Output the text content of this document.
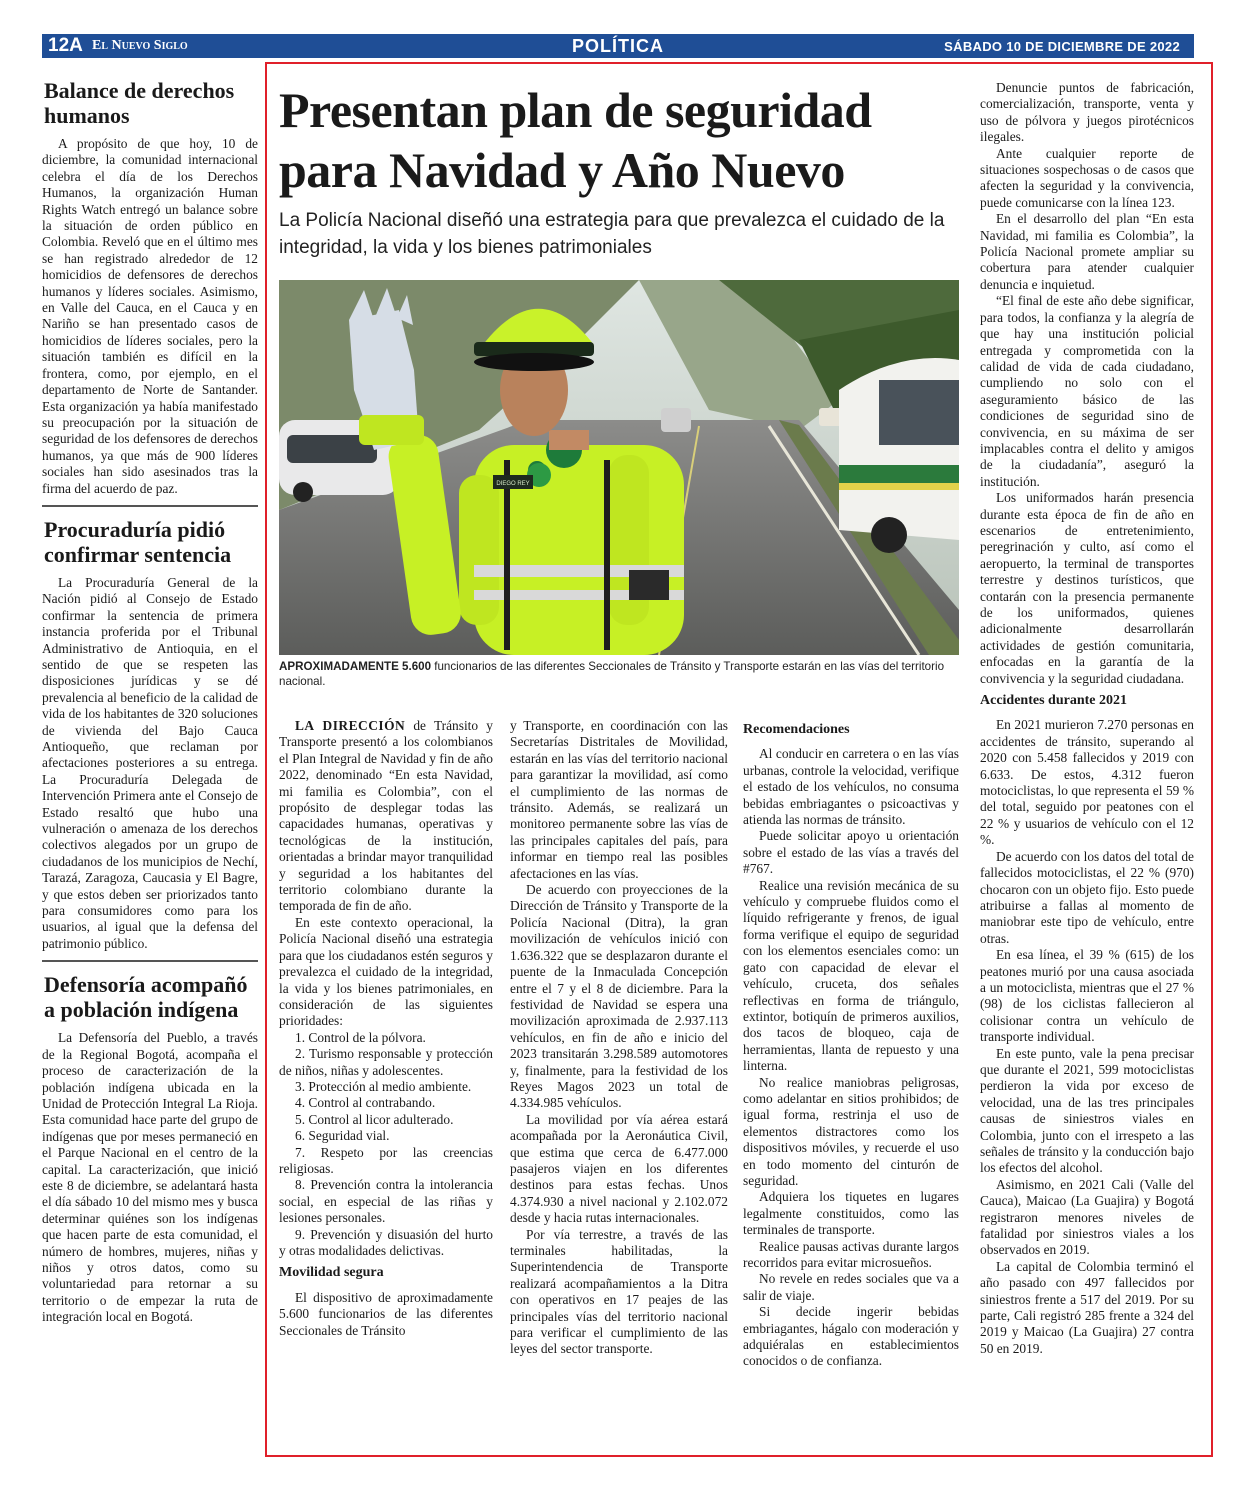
12A El Nuevo Siglo	POLÍTICA	SÁBADO 10 DE DICIEMBRE DE 2022
Balance de derechos humanos
A propósito de que hoy, 10 de diciembre, la comunidad internacional celebra el día de los Derechos Humanos, la organización Human Rights Watch entregó un balance sobre la situación de orden público en Colombia. Reveló que en el último mes se han registrado alrededor de 12 homicidios de defensores de derechos humanos y líderes sociales. Asimismo, en Valle del Cauca, en el Cauca y en Nariño se han presentado casos de homicidios de líderes sociales, pero la situación también es difícil en la frontera, como, por ejemplo, en el departamento de Norte de Santander. Esta organización ya había manifestado su preocupación por la situación de seguridad de los defensores de derechos humanos, ya que más de 900 líderes sociales han sido asesinados tras la firma del acuerdo de paz.
Procuraduría pidió confirmar sentencia
La Procuraduría General de la Nación pidió al Consejo de Estado confirmar la sentencia de primera instancia proferida por el Tribunal Administrativo de Antioquia, en el sentido de que se respeten las disposiciones jurídicas y se dé prevalencia al beneficio de la calidad de vida de los habitantes de 320 soluciones de vivienda del Bajo Cauca Antioqueño, que reclaman por afectaciones posteriores a su entrega. La Procuraduría Delegada de Intervención Primera ante el Consejo de Estado resaltó que hubo una vulneración o amenaza de los derechos colectivos alegados por un grupo de ciudadanos de los municipios de Nechí, Tarazá, Zaragoza, Caucasia y El Bagre, y que estos deben ser priorizados tanto para consumidores como para los usuarios, al igual que la defensa del patrimonio público.
Defensoría acompañó a población indígena
La Defensoría del Pueblo, a través de la Regional Bogotá, acompaña el proceso de caracterización de la población indígena ubicada en la Unidad de Protección Integral La Rioja. Esta comunidad hace parte del grupo de indígenas que por meses permaneció en el Parque Nacional en el centro de la capital. La caracterización, que inició este 8 de diciembre, se adelantará hasta el día sábado 10 del mismo mes y busca determinar quiénes son los indígenas que hacen parte de esta comunidad, el número de hombres, mujeres, niñas y niños y otros datos, como su voluntariedad para retornar a su territorio o de empezar la ruta de integración local en Bogotá.
Presentan plan de seguridad para Navidad y Año Nuevo
La Policía Nacional diseñó una estrategia para que prevalezca el cuidado de la integridad, la vida y los bienes patrimoniales
DIEGO REY
APROXIMADAMENTE 5.600 funcionarios de las diferentes Seccionales de Tránsito y Transporte estarán en las vías del territorio nacional.

LA DIRECCIÓN de Tránsito y Transporte presentó a los colombianos el Plan Integral de Navidad y fin de año 2022, denominado “En esta Navidad, mi familia es Colombia”, con el propósito de desplegar todas las capacidades humanas, operativas y tecnológicas de la institución, orientadas a brindar mayor tranquilidad y seguridad a los habitantes del territorio colombiano durante la temporada de fin de año.

En este contexto operacional, la Policía Nacional diseñó una estrategia para que los ciudadanos estén seguros y prevalezca el cuidado de la integridad, la vida y los bienes patrimoniales, en consideración de las siguientes prioridades:

1. Control de la pólvora.

2. Turismo responsable y protección de niños, niñas y adolescentes.

3. Protección al medio ambiente.

4. Control al contrabando.

5. Control al licor adulterado.

6. Seguridad vial.

7. Respeto por las creencias religiosas.

8. Prevención contra la intolerancia social, en especial de las riñas y lesiones personales.

9. Prevención y disuasión del hurto y otras modalidades delictivas.

Movilidad segura

El dispositivo de aproximadamente 5.600 funcionarios de las diferentes Seccionales de Tránsito

y Transporte, en coordinación con las Secretarías Distritales de Movilidad, estarán en las vías del territorio nacional para garantizar la movilidad, así como el cumplimiento de las normas de tránsito. Además, se realizará un monitoreo permanente sobre las vías de las principales capitales del país, para informar en tiempo real las posibles afectaciones en las vías.

De acuerdo con proyecciones de la Dirección de Tránsito y Transporte de la Policía Nacional (Ditra), la gran movilización de vehículos inició con 1.636.322 que se desplazaron durante el puente de la Inmaculada Concepción entre el 7 y el 8 de diciembre. Para la festividad de Navidad se espera una movilización aproximada de 2.937.113 vehículos, en fin de año e inicio del 2023 transitarán 3.298.589 automotores y, finalmente, para la festividad de los Reyes Magos 2023 un total de 4.334.985 vehículos.

La movilidad por vía aérea estará acompañada por la Aeronáutica Civil, que estima que cerca de 6.477.000 pasajeros viajen en los diferentes destinos para estas fechas. Unos 4.374.930 a nivel nacional y 2.102.072 desde y hacia rutas internacionales.

Por vía terrestre, a través de las terminales habilitadas, la Superintendencia de Transporte realizará acompañamientos a la Ditra con operativos en 17 peajes de las principales vías del territorio nacional para verificar el cumplimiento de las leyes del sector transporte.

Recomendaciones

Al conducir en carretera o en las vías urbanas, controle la velocidad, verifique el estado de los vehículos, no consuma bebidas embriagantes o psicoactivas y atienda las normas de tránsito.

Puede solicitar apoyo u orientación sobre el estado de las vías a través del #767.

Realice una revisión mecánica de su vehículo y compruebe fluidos como el líquido refrigerante y frenos, de igual forma verifique el equipo de seguridad con los elementos esenciales como: un gato con capacidad de elevar el vehículo, cruceta, dos señales reflectivas en forma de triángulo, extintor, botiquín de primeros auxilios, dos tacos de bloqueo, caja de herramientas, llanta de repuesto y una linterna.

No realice maniobras peligrosas, como adelantar en sitios prohibidos; de igual forma, restrinja el uso de elementos distractores como los dispositivos móviles, y recuerde el uso en todo momento del cinturón de seguridad.

Adquiera los tiquetes en lugares legalmente constituidos, como las terminales de transporte.

Realice pausas activas durante largos recorridos para evitar microsueños.

No revele en redes sociales que va a salir de viaje.

Si decide ingerir bebidas embriagantes, hágalo con moderación y adquiéralas en establecimientos conocidos o de confianza.

Denuncie puntos de fabricación, comercialización, transporte, venta y uso de pólvora y juegos pirotécnicos ilegales.

Ante cualquier reporte de situaciones sospechosas o de casos que afecten la seguridad y la convivencia, puede comunicarse con la línea 123.

En el desarrollo del plan “En esta Navidad, mi familia es Colombia”, la Policía Nacional promete ampliar su cobertura para atender cualquier denuncia e inquietud.

“El final de este año debe significar, para todos, la confianza y la alegría de que hay una institución policial entregada y comprometida con la calidad de vida de cada ciudadano, cumpliendo no solo con el aseguramiento básico de las condiciones de seguridad sino de convivencia, en su máxima de ser implacables contra el delito y amigos de la ciudadanía”, aseguró la institución.

Los uniformados harán presencia durante esta época de fin de año en escenarios de entretenimiento, peregrinación y culto, así como el aeropuerto, la terminal de transportes terrestre y destinos turísticos, que contarán con la presencia permanente de los uniformados, quienes adicionalmente desarrollarán actividades de gestión comunitaria, enfocadas en la garantía de la convivencia y la seguridad ciudadana.

Accidentes durante 2021

En 2021 murieron 7.270 personas en accidentes de tránsito, superando al 2020 con 5.458 fallecidos y 2019 con 6.633. De estos, 4.312 fueron motociclistas, lo que representa el 59 % del total, seguido por peatones con el 22 % y usuarios de vehículo con el 12 %.

De acuerdo con los datos del total de fallecidos motociclistas, el 22 % (970) chocaron con un objeto fijo. Esto puede atribuirse a fallas al momento de maniobrar este tipo de vehículo, entre otras.

En esa línea, el 39 % (615) de los peatones murió por una causa asociada a un motociclista, mientras que el 27 % (98) de los ciclistas fallecieron al colisionar contra un vehículo de transporte individual.

En este punto, vale la pena precisar que durante el 2021, 599 motociclistas perdieron la vida por exceso de velocidad, una de las tres principales causas de siniestros viales en Colombia, junto con el irrespeto a las señales de tránsito y la conducción bajo los efectos del alcohol.

Asimismo, en 2021 Cali (Valle del Cauca), Maicao (La Guajira) y Bogotá registraron menores niveles de fatalidad por siniestros viales a los observados en 2019.

La capital de Colombia terminó el año pasado con 497 fallecidos por siniestros frente a 517 del 2019. Por su parte, Cali registró 285 frente a 324 del 2019 y Maicao (La Guajira) 27 contra 50 en 2019.
